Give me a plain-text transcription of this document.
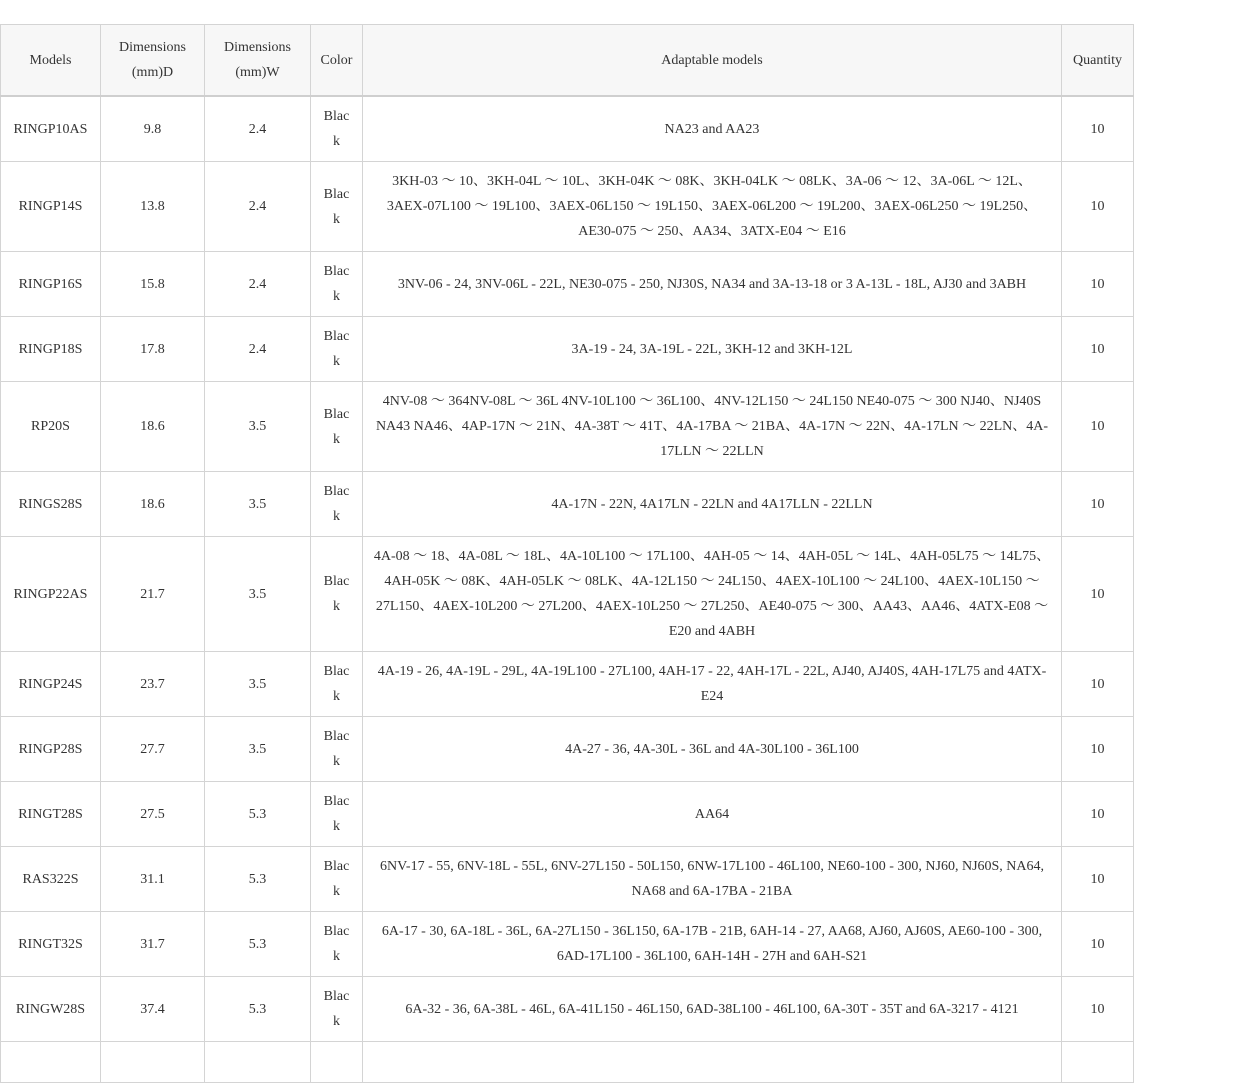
Models	Dimensions (mm)D	Dimensions (mm)W	Color	Adaptable models	Quantity
RINGP10AS	9.8	2.4	Black	NA23 and AA23	10
RINGP14S	13.8	2.4	Black	3KH-03 ～ 10、3KH-04L ～ 10L、3KH-04K ～ 08K、3KH-04LK ～ 08LK、3A-06 ～ 12、3A-06L ～ 12L、3AEX-07L100 ～ 19L100、3AEX-06L150 ～ 19L150、3AEX-06L200 ～ 19L200、3AEX-06L250 ～ 19L250、AE30-075 ～ 250、AA34、3ATX-E04 ～ E16	10
RINGP16S	15.8	2.4	Black	3NV-06 - 24, 3NV-06L - 22L, NE30-075 - 250, NJ30S, NA34 and 3A-13-18 or 3 A-13L - 18L, AJ30 and 3ABH	10
RINGP18S	17.8	2.4	Black	3A-19 - 24, 3A-19L - 22L, 3KH-12 and 3KH-12L	10
RP20S	18.6	3.5	Black	4NV-08 ～ 364NV-08L ～ 36L 4NV-10L100 ～ 36L100、4NV-12L150 ～ 24L150 NE40-075 ～ 300 NJ40、NJ40S NA43 NA46、4AP-17N ～ 21N、4A-38T ～ 41T、4A-17BA ～ 21BA、4A-17N ～ 22N、4A-17LN ～ 22LN、4A-17LLN ～ 22LLN	10
RINGS28S	18.6	3.5	Black	4A-17N - 22N, 4A17LN - 22LN and 4A17LLN - 22LLN	10
RINGP22AS	21.7	3.5	Black	4A-08 ～ 18、4A-08L ～ 18L、4A-10L100 ～ 17L100、4AH-05 ～ 14、4AH-05L ～ 14L、4AH-05L75 ～ 14L75、4AH-05K ～ 08K、4AH-05LK ～ 08LK、4A-12L150 ～ 24L150、4AEX-10L100 ～ 24L100、4AEX-10L150 ～ 27L150、4AEX-10L200 ～ 27L200、4AEX-10L250 ～ 27L250、AE40-075 ～ 300、AA43、AA46、4ATX-E08 ～ E20 and 4ABH	10
RINGP24S	23.7	3.5	Black	4A-19 - 26, 4A-19L - 29L, 4A-19L100 - 27L100, 4AH-17 - 22, 4AH-17L - 22L, AJ40, AJ40S, 4AH-17L75 and 4ATX-E24	10
RINGP28S	27.7	3.5	Black	4A-27 - 36, 4A-30L - 36L and 4A-30L100 - 36L100	10
RINGT28S	27.5	5.3	Black	AA64	10
RAS322S	31.1	5.3	Black	6NV-17 - 55, 6NV-18L - 55L, 6NV-27L150 - 50L150, 6NW-17L100 - 46L100, NE60-100 - 300, NJ60, NJ60S, NA64, NA68 and 6A-17BA - 21BA	10
RINGT32S	31.7	5.3	Black	6A-17 - 30, 6A-18L - 36L, 6A-27L150 - 36L150, 6A-17B - 21B, 6AH-14 - 27, AA68, AJ60, AJ60S, AE60-100 - 300, 6AD-17L100 - 36L100, 6AH-14H - 27H and 6AH-S21	10
RINGW28S	37.4	5.3	Black	6A-32 - 36, 6A-38L - 46L, 6A-41L150 - 46L150, 6AD-38L100 - 46L100, 6A-30T - 35T and 6A-3217 - 4121	10
